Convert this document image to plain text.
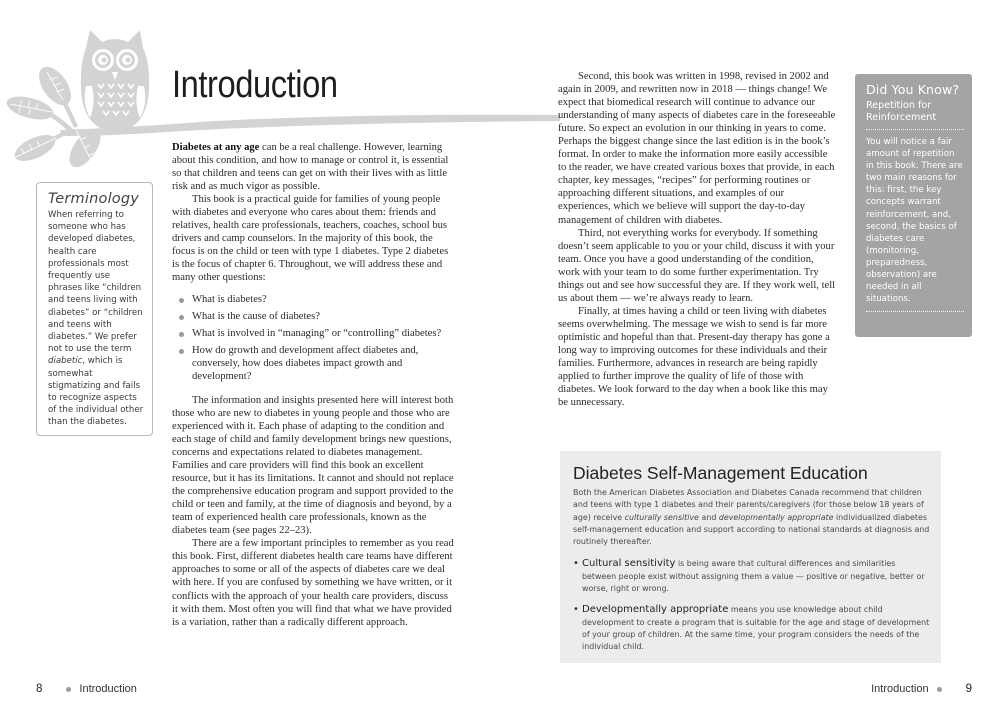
Introduction
Terminology

When referring to someone who has developed diabetes, health care professionals most frequently use phrases like “children and teens living with diabetes” or “children and teens with diabetes.” We prefer not to use the term diabetic, which is somewhat stigmatizing and fails to recognize aspects of the individual other than the diabetes.

Diabetes at any age can be a real challenge. However, learning about this condition, and how to manage or control it, is essential so that children and teens can get on with their lives with as little risk and as much vigor as possible.

This book is a practical guide for families of young people with diabetes and everyone who cares about them: friends and relatives, health care professionals, teachers, coaches, school bus drivers and camp counselors. In the majority of this book, the focus is on the child or teen with type 1 diabetes. Type 2 diabetes is the focus of chapter 6. Throughout, we will address these and many other questions:

What is diabetes?
What is the cause of diabetes?
What is involved in “managing” or “controlling” diabetes?
How do growth and development affect diabetes and, conversely, how does diabetes impact growth and development?

The information and insights presented here will interest both those who are new to diabetes in young people and those who are experienced with it. Each phase of adapting to the condition and each stage of child and family development brings new questions, concerns and expectations related to diabetes management. Families and care providers will find this book an excellent resource, but it has its limitations. It cannot and should not replace the comprehensive education program and support provided to the child or teen and family, at the time of diagnosis and beyond, by a team of experienced health care professionals, known as the diabetes team (see pages 22–23).

There are a few important principles to remember as you read this book. First, different diabetes health care teams have different approaches to some or all of the aspects of diabetes care we deal with here. If you are confused by something we have written, or it conflicts with the approach of your health care providers, discuss it with them. Most often you will find that what we have provided is a variation, rather than a radically different approach.

Second, this book was written in 1998, revised in 2002 and again in 2009, and rewritten now in 2018 — things change! We expect that biomedical research will continue to advance our understanding of many aspects of diabetes care in the foreseeable future. So expect an evolution in our thinking in years to come. Perhaps the biggest change since the last edition is in the book’s format. In order to make the information more easily accessible to the reader, we have created various boxes that provide, in each chapter, key messages, “recipes” for performing routines or approaching different situations, and examples of our experiences, which we believe will support the day-to-day management of children with diabetes.

Third, not everything works for everybody. If something doesn’t seem applicable to you or your child, discuss it with your team. Once you have a good understanding of the condition, work with your team to do some further experimentation. Try things out and see how successful they are. If they work well, tell us about them — we’re always ready to learn.

Finally, at times having a child or teen living with diabetes seems overwhelming. The message we wish to send is far more optimistic and hopeful than that. Present-day therapy has gone a long way to improving outcomes for these individuals and their families. Furthermore, advances in research are being rapidly applied to further improve the quality of life of those with diabetes. We look forward to the day when a book like this may be unnecessary.

Did You Know?
Repetition for Reinforcement

You will notice a fair amount of repetition in this book. There are two main reasons for this: first, the key concepts warrant reinforcement, and, second, the basics of diabetes care (monitoring, preparedness, observation) are needed in all situations.

Diabetes Self-Management Education

Both the American Diabetes Association and Diabetes Canada recommend that children and teens with type 1 diabetes and their parents/caregivers (for those below 18 years of age) receive culturally sensitive and developmentally appropriate individualized diabetes self-management education and support according to national standards at diagnosis and routinely thereafter.

• Cultural sensitivity is being aware that cultural differences and similarities between people exist without assigning them a value — positive or negative, better or worse, right or wrong.
• Developmentally appropriate means you use knowledge about child development to create a program that is suitable for the age and stage of development of your group of children. At the same time, your program considers the needs of the individual child.
8	Introduction	Introduction	9
